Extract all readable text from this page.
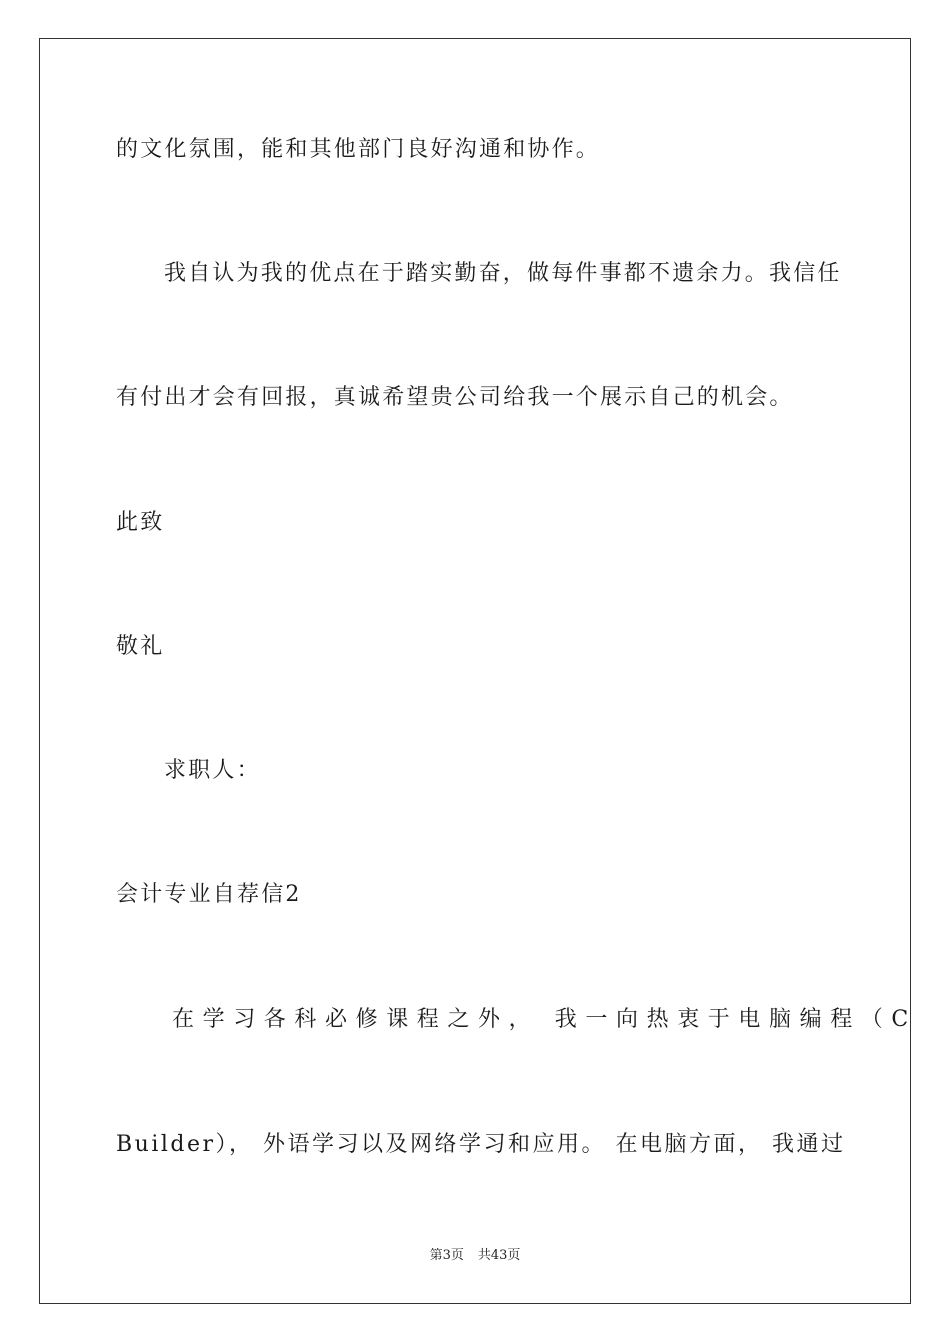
的文化氛围，能和其他部门良好沟通和协作。
我自认为我的优点在于踏实勤奋，做每件事都不遗余力。我信任
有付出才会有回报，真诚希望贵公司给我一个展示自己的机会。
此致
敬礼
求职人：
会计专业自荐信2
在学习各科必修课程之外， 我一向热衷于电脑编程（C
Builder）， 外语学习以及网络学习和应用。 在电脑方面， 我通过
第3页 共43页
